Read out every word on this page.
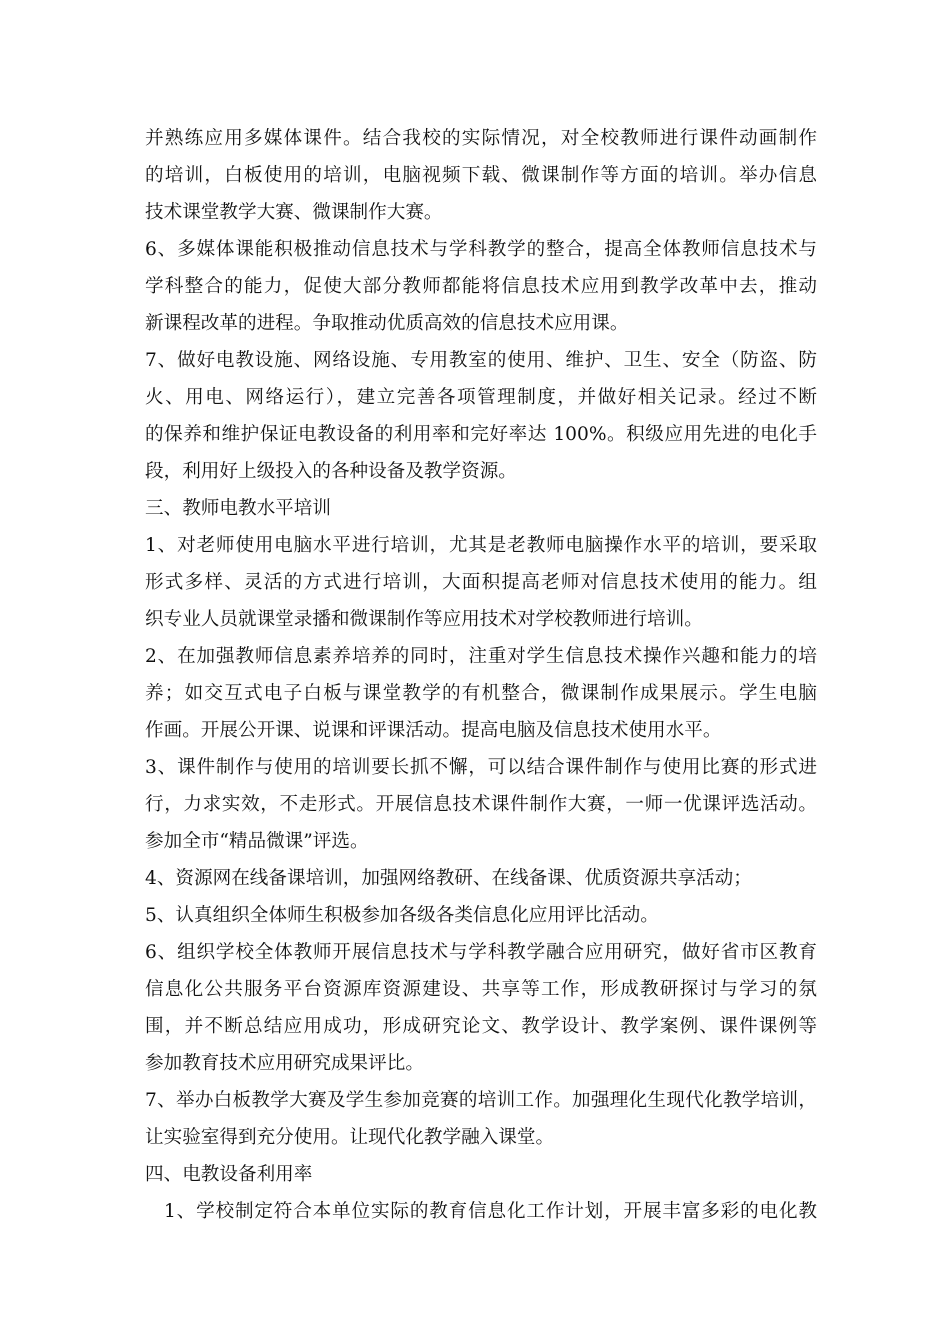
并熟练应用多媒体课件。结合我校的实际情况，对全校教师进行课件动画制作
的培训，白板使用的培训，电脑视频下载、微课制作等方面的培训。举办信息
技术课堂教学大赛、微课制作大赛。
6、多媒体课能积极推动信息技术与学科教学的整合，提高全体教师信息技术与
学科整合的能力，促使大部分教师都能将信息技术应用到教学改革中去，推动
新课程改革的进程。争取推动优质高效的信息技术应用课。
7、做好电教设施、网络设施、专用教室的使用、维护、卫生、安全（防盗、防
火、用电、网络运行），建立完善各项管理制度，并做好相关记录。经过不断
的保养和维护保证电教设备的利用率和完好率达 100%。积级应用先进的电化手
段，利用好上级投入的各种设备及教学资源。
三、教师电教水平培训
1、对老师使用电脑水平进行培训，尤其是老教师电脑操作水平的培训，要采取
形式多样、灵活的方式进行培训，大面积提高老师对信息技术使用的能力。组
织专业人员就课堂录播和微课制作等应用技术对学校教师进行培训。
2、在加强教师信息素养培养的同时，注重对学生信息技术操作兴趣和能力的培
养；如交互式电子白板与课堂教学的有机整合，微课制作成果展示。学生电脑
作画。开展公开课、说课和评课活动。提高电脑及信息技术使用水平。
3、课件制作与使用的培训要长抓不懈，可以结合课件制作与使用比赛的形式进
行，力求实效，不走形式。开展信息技术课件制作大赛，一师一优课评选活动。
参加全市“精品微课”评选。
4、资源网在线备课培训，加强网络教研、在线备课、优质资源共享活动；
5、认真组织全体师生积极参加各级各类信息化应用评比活动。
6、组织学校全体教师开展信息技术与学科教学融合应用研究，做好省市区教育
信息化公共服务平台资源库资源建设、共享等工作，形成教研探讨与学习的氛
围，并不断总结应用成功，形成研究论文、教学设计、教学案例、课件课例等
参加教育技术应用研究成果评比。
7、举办白板教学大赛及学生参加竞赛的培训工作。加强理化生现代化教学培训，
让实验室得到充分使用。让现代化教学融入课堂。
四、电教设备利用率
1、学校制定符合本单位实际的教育信息化工作计划，开展丰富多彩的电化教
